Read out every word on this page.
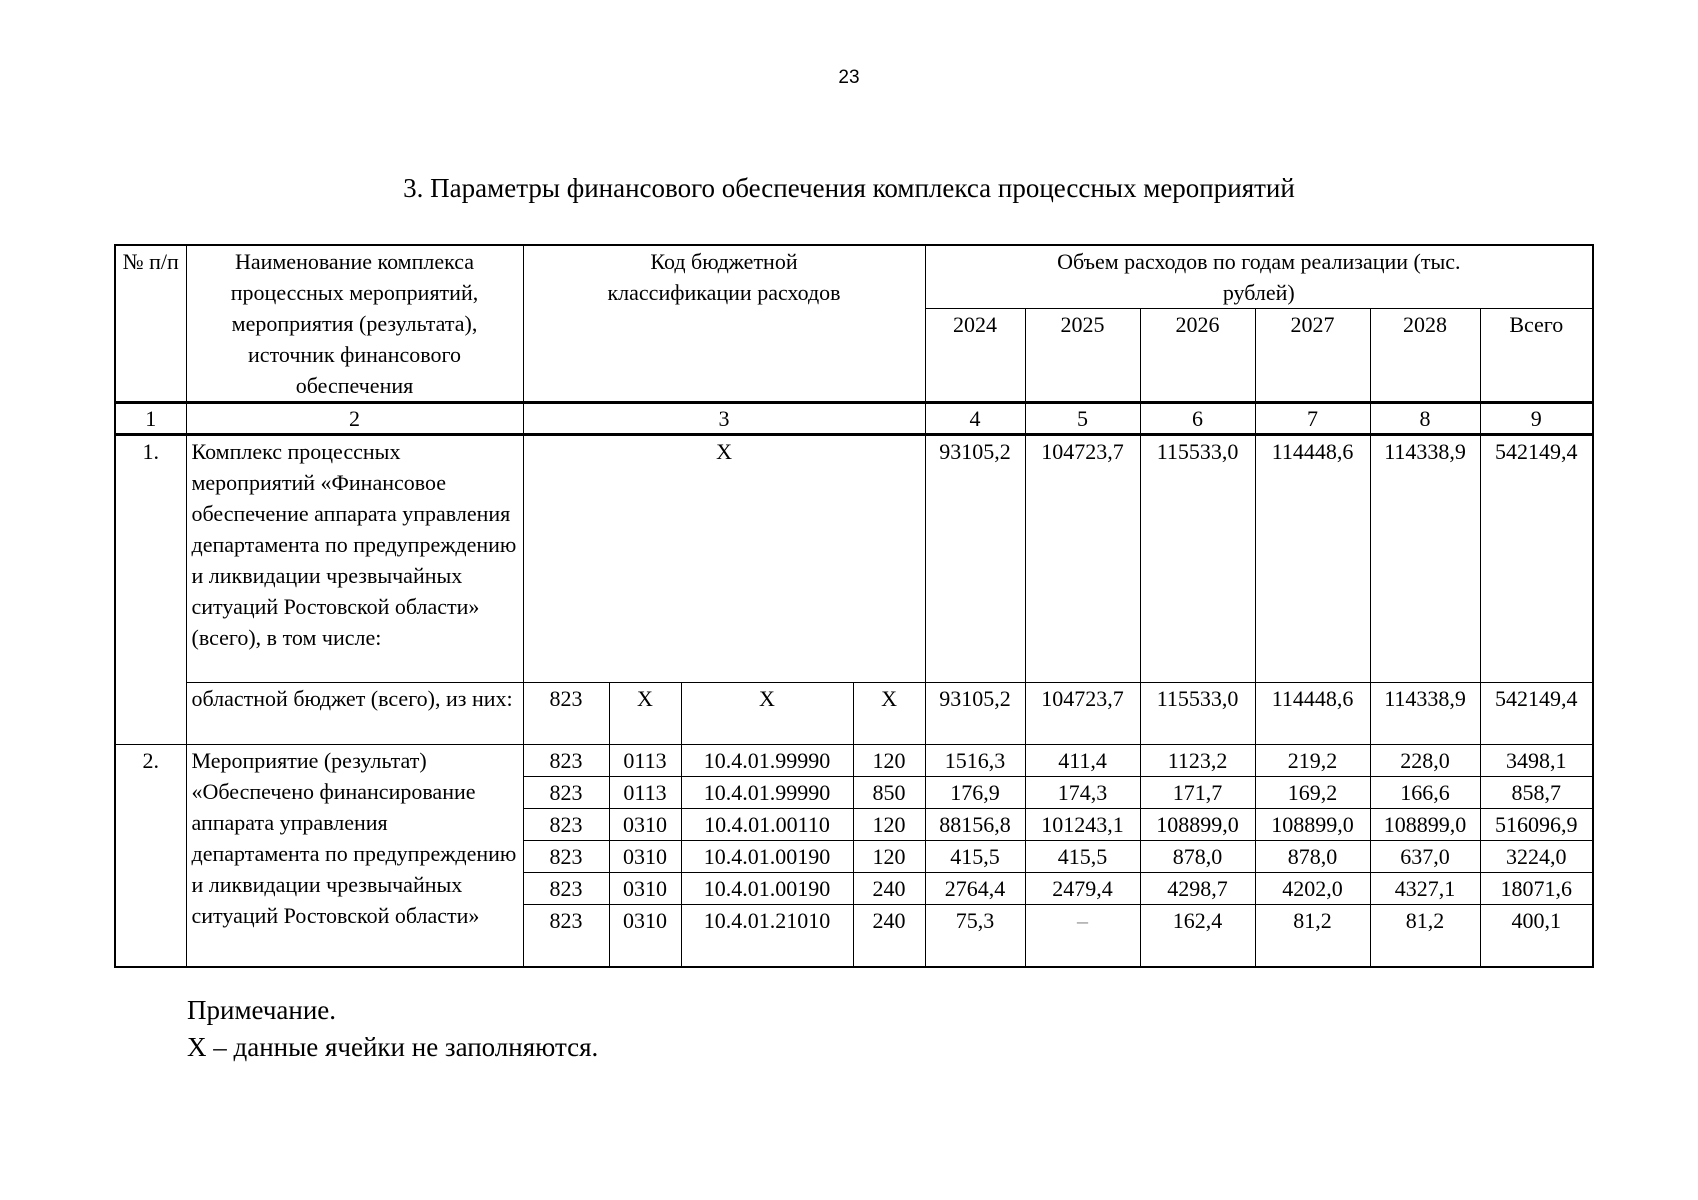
23
3. Параметры финансового обеспечения комплекса процессных мероприятий
№ п/п	Наименование комплекса процессных мероприятий, мероприятия (результата), источник финансового обеспечения	Код бюджетной классификации расходов				Объем расходов по годам реализации (тыс. рублей)					
						2024	2025	2026	2027	2028	Всего
1	2	3				4	5	6	7	8	9
1.	Комплекс процессных мероприятий «Финансовое обеспечение аппарата управления департамента по предупреждению и ликвидации чрезвычайных ситуаций Ростовской области» (всего), в том числе:	X				93105,2	104723,7	115533,0	114448,6	114338,9	542149,4
	областной бюджет (всего), из них:	823	X	X	X	93105,2	104723,7	115533,0	114448,6	114338,9	542149,4
2.	Мероприятие (результат) «Обеспечено финансирование аппарата управления департамента по предупреждению и ликвидации чрезвычайных ситуаций Ростовской области»	823	0113	10.4.01.99990	120	1516,3	411,4	1123,2	219,2	228,0	3498,1
		823	0113	10.4.01.99990	850	176,9	174,3	171,7	169,2	166,6	858,7
		823	0310	10.4.01.00110	120	88156,8	101243,1	108899,0	108899,0	108899,0	516096,9
		823	0310	10.4.01.00190	120	415,5	415,5	878,0	878,0	637,0	3224,0
		823	0310	10.4.01.00190	240	2764,4	2479,4	4298,7	4202,0	4327,1	18071,6
		823	0310	10.4.01.21010	240	75,3	–	162,4	81,2	81,2	400,1
Примечание.
X – данные ячейки не заполняются.
